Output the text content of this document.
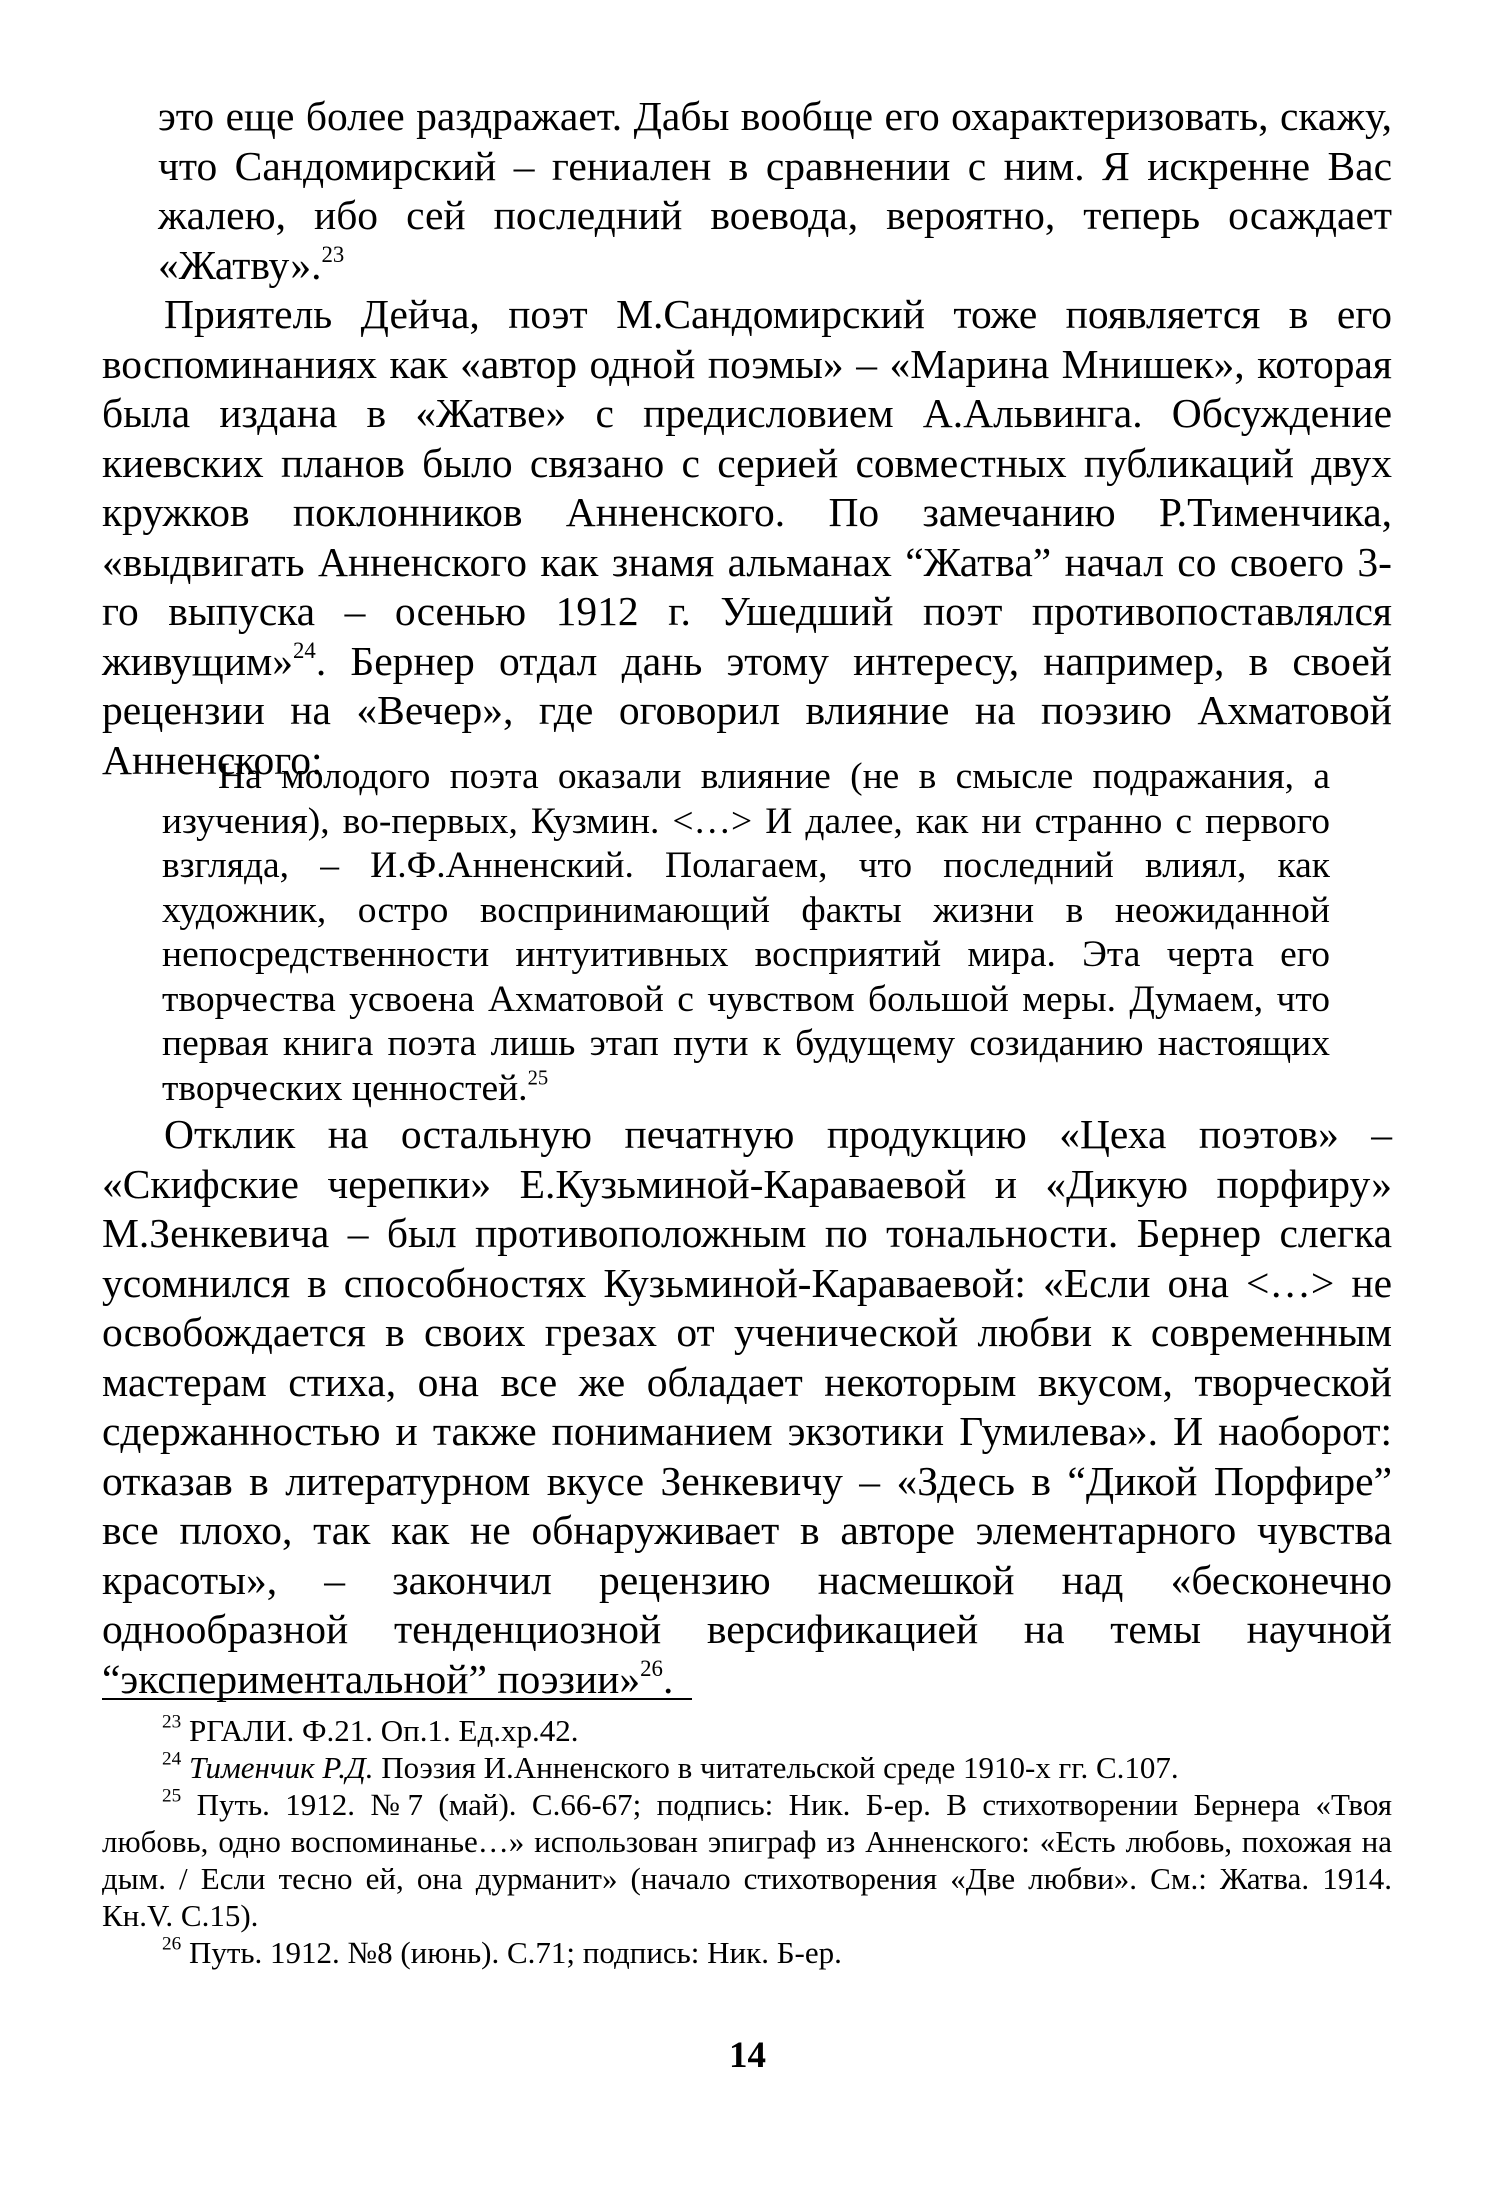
это еще более раздражает. Дабы вообще его охарактеризовать, скажу, что Сандомирский – гениален в сравнении с ним. Я искренне Вас жалею, ибо сей последний воевода, вероятно, теперь осаждает «Жатву».$^{23}$

Приятель Дейча, поэт М.Сандомирский тоже появляется в его воспоминаниях как «автор одной поэмы» – «Марина Мнишек», которая была издана в «Жатве» с предисловием А.Альвинга. Обсуждение киевских планов было связано с серией совместных публикаций двух кружков поклонников Анненского. По замечанию Р.Тименчика, «выдвигать Анненского как знамя альманах “Жатва” начал со своего 3-го выпуска – осенью 1912 г. Ушедший поэт противопоставлялся живущим»$^{24}$. Бернер отдал дань этому интересу, например, в своей рецензии на «Вечер», где оговорил влияние на поэзию Ахматовой Анненского:

На молодого поэта оказали влияние (не в смысле подражания, а изучения), во-первых, Кузмин. <…> И далее, как ни странно с первого взгляда, – И.Ф.Анненский. Полагаем, что последний влиял, как художник, остро воспринимающий факты жизни в неожиданной непосредственности интуитивных восприятий мира. Эта черта его творчества усвоена Ахматовой с чувством большой меры. Думаем, что первая книга поэта лишь этап пути к будущему созиданию настоящих творческих ценностей.$^{25}$

Отклик на остальную печатную продукцию «Цеха поэтов» – «Скифские черепки» Е.Кузьминой-Караваевой и «Дикую порфиру» М.Зенкевича – был противоположным по тональности. Бернер слегка усомнился в способностях Кузьминой-Караваевой: «Если она <…> не освобождается в своих грезах от ученической любви к современным мастерам стиха, она все же обладает некоторым вкусом, творческой сдержанностью и также пониманием экзотики Гумилева». И наоборот: отказав в литературном вкусе Зенкевичу – «Здесь в “Дикой Порфире” все плохо, так как не обнаруживает в авторе элементарного чувства красоты», – закончил рецензию насмешкой над «бесконечно однообразной тенденциозной версификацией на темы научной “экспериментальной” поэзии»$^{26}$.

$^{23}$ РГАЛИ. Ф.21. Оп.1. Ед.хр.42.

$^{24}$ Тименчик Р.Д. Поэзия И.Анненского в читательской среде 1910-х гг. С.107.

$^{25}$ Путь. 1912. №7 (май). С.66-67; подпись: Ник. Б-ер. В стихотворении Бернера «Твоя любовь, одно воспоминанье…» использован эпиграф из Анненского: «Есть любовь, похожая на дым. / Если тесно ей, она дурманит» (начало стихотворения «Две любви». См.: Жатва. 1914. Кн.V. С.15).

$^{26}$ Путь. 1912. №8 (июнь). С.71; подпись: Ник. Б-ер.

14
